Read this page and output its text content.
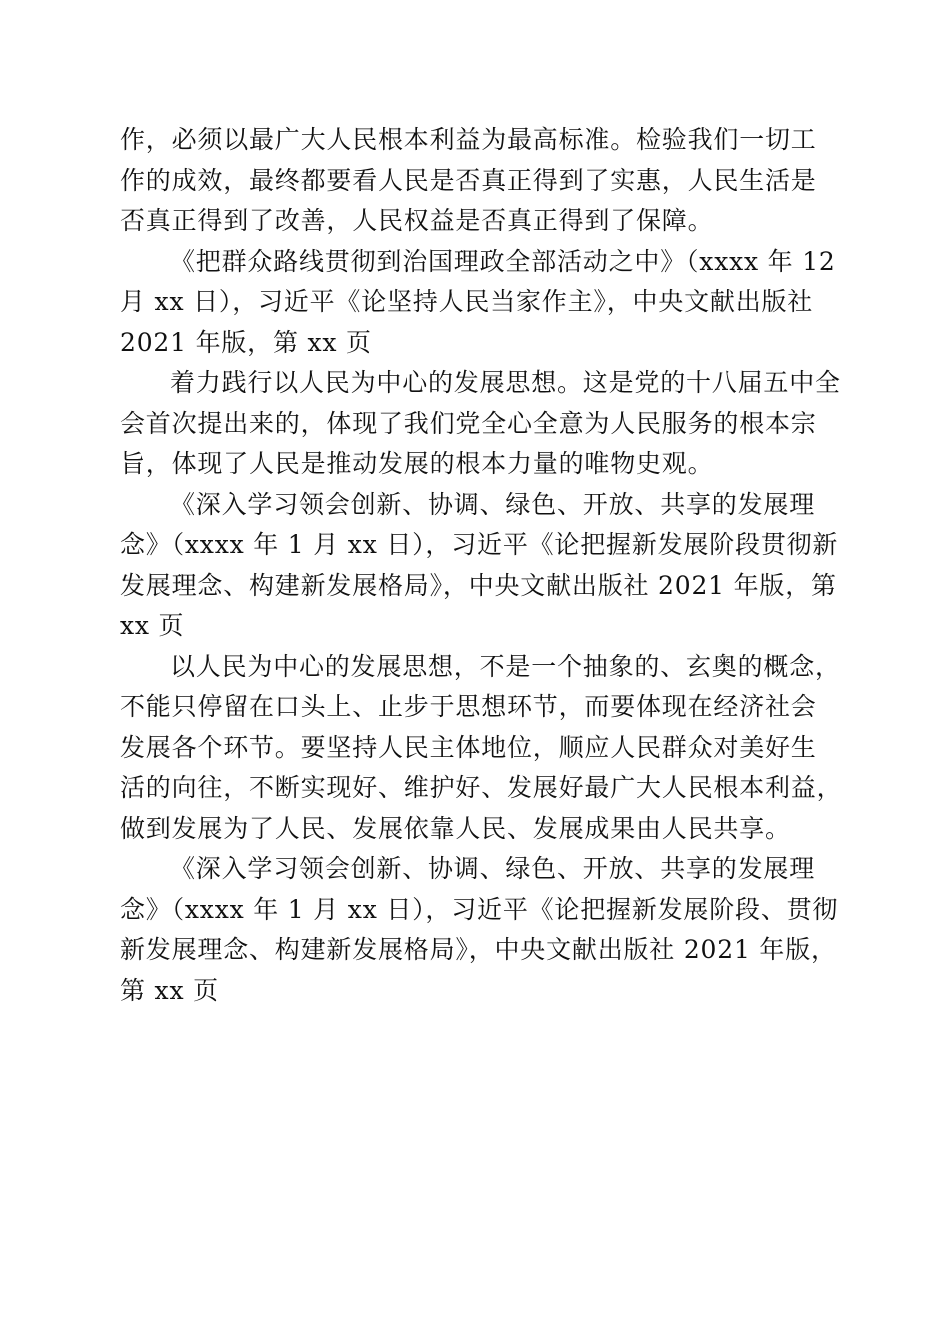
作，必须以最广大人民根本利益为最高标准。检验我们一切工
作的成效，最终都要看人民是否真正得到了实惠，人民生活是
否真正得到了改善，人民权益是否真正得到了保障。
《把群众路线贯彻到治国理政全部活动之中》（xxxx 年 12
月 xx 日），习近平《论坚持人民当家作主》，中央文献出版社
2021 年版，第 xx 页
着力践行以人民为中心的发展思想。这是党的十八届五中全
会首次提出来的，体现了我们党全心全意为人民服务的根本宗
旨，体现了人民是推动发展的根本力量的唯物史观。
《深入学习领会创新、协调、绿色、开放、共享的发展理
念》（xxxx 年 1 月 xx 日），习近平《论把握新发展阶段贯彻新
发展理念、构建新发展格局》，中央文献出版社 2021 年版，第
xx 页
以人民为中心的发展思想，不是一个抽象的、玄奥的概念，
不能只停留在口头上、止步于思想环节，而要体现在经济社会
发展各个环节。要坚持人民主体地位，顺应人民群众对美好生
活的向往，不断实现好、维护好、发展好最广大人民根本利益，
做到发展为了人民、发展依靠人民、发展成果由人民共享。
《深入学习领会创新、协调、绿色、开放、共享的发展理
念》（xxxx 年 1 月 xx 日），习近平《论把握新发展阶段、贯彻
新发展理念、构建新发展格局》，中央文献出版社 2021 年版，
第 xx 页
